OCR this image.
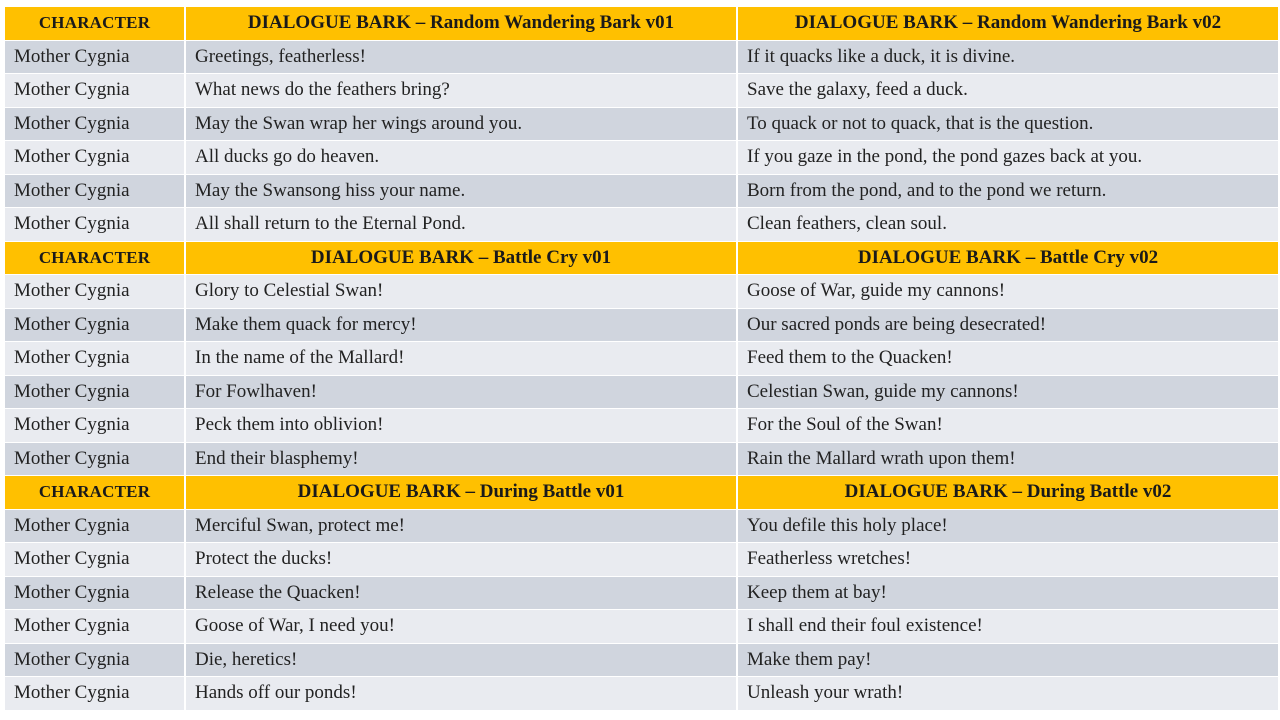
CHARACTER	DIALOGUE BARK – Random Wandering Bark v01	DIALOGUE BARK – Random Wandering Bark v02
Mother Cygnia	Greetings, featherless!	If it quacks like a duck, it is divine.
Mother Cygnia	What news do the feathers bring?	Save the galaxy, feed a duck.
Mother Cygnia	May the Swan wrap her wings around you.	To quack or not to quack, that is the question.
Mother Cygnia	All ducks go do heaven.	If you gaze in the pond, the pond gazes back at you.
Mother Cygnia	May the Swansong hiss your name.	Born from the pond, and to the pond we return.
Mother Cygnia	All shall return to the Eternal Pond.	Clean feathers, clean soul.
CHARACTER	DIALOGUE BARK – Battle Cry v01	DIALOGUE BARK – Battle Cry v02
Mother Cygnia	Glory to Celestial Swan!	Goose of War, guide my cannons!
Mother Cygnia	Make them quack for mercy!	Our sacred ponds are being desecrated!
Mother Cygnia	In the name of the Mallard!	Feed them to the Quacken!
Mother Cygnia	For Fowlhaven!	Celestian Swan, guide my cannons!
Mother Cygnia	Peck them into oblivion!	For the Soul of the Swan!
Mother Cygnia	End their blasphemy!	Rain the Mallard wrath upon them!
CHARACTER	DIALOGUE BARK – During Battle v01	DIALOGUE BARK – During Battle v02
Mother Cygnia	Merciful Swan, protect me!	You defile this holy place!
Mother Cygnia	Protect the ducks!	Featherless wretches!
Mother Cygnia	Release the Quacken!	Keep them at bay!
Mother Cygnia	Goose of War, I need you!	I shall end their foul existence!
Mother Cygnia	Die, heretics!	Make them pay!
Mother Cygnia	Hands off our ponds!	Unleash your wrath!
